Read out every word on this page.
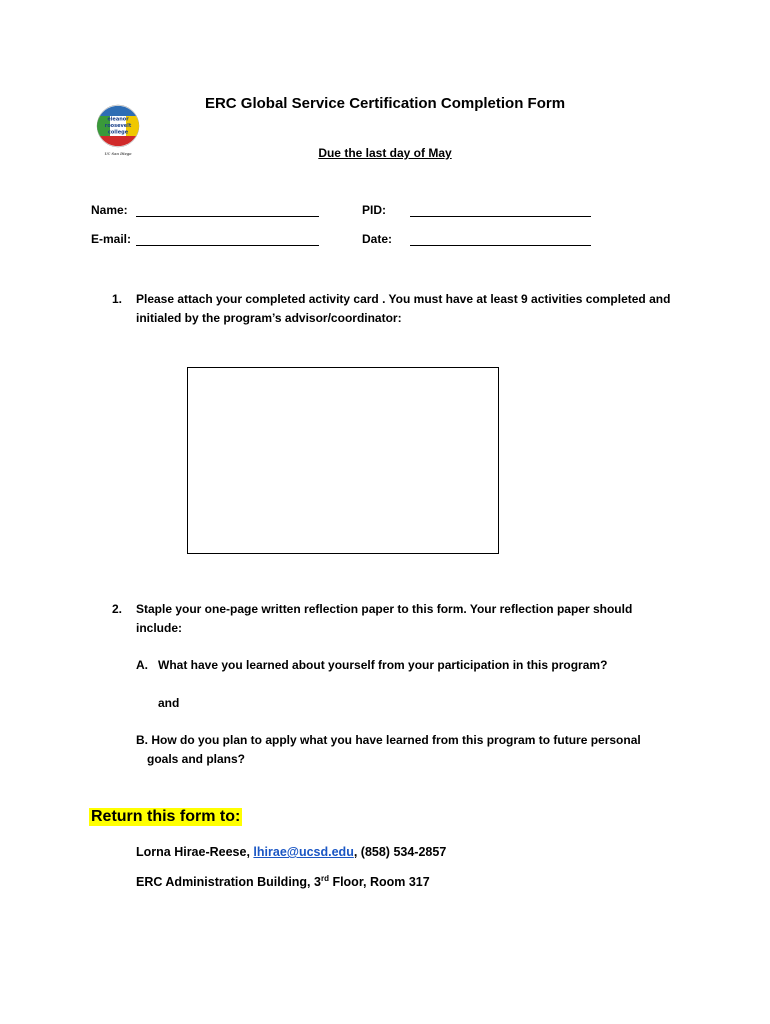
eleanor
roosevelt
college
UC San Diego
ERC Global Service Certification Completion Form
Due the last day of May
Name:	PID:
E-mail:	Date:
1. Please attach your completed activity card . You must have at least 9 activities completed and
initialed by the program’s advisor/coordinator:
2. Staple your one-page written reflection paper to this form. Your reflection paper should
include:
A.   What have you learned about yourself from your participation in this program?
and
B. How do you plan to apply what you have learned from this program to future personal
goals and plans?
Return this form to:
Lorna Hirae-Reese, lhirae@ucsd.edu, (858) 534-2857
ERC Administration Building, 3rd Floor, Room 317
